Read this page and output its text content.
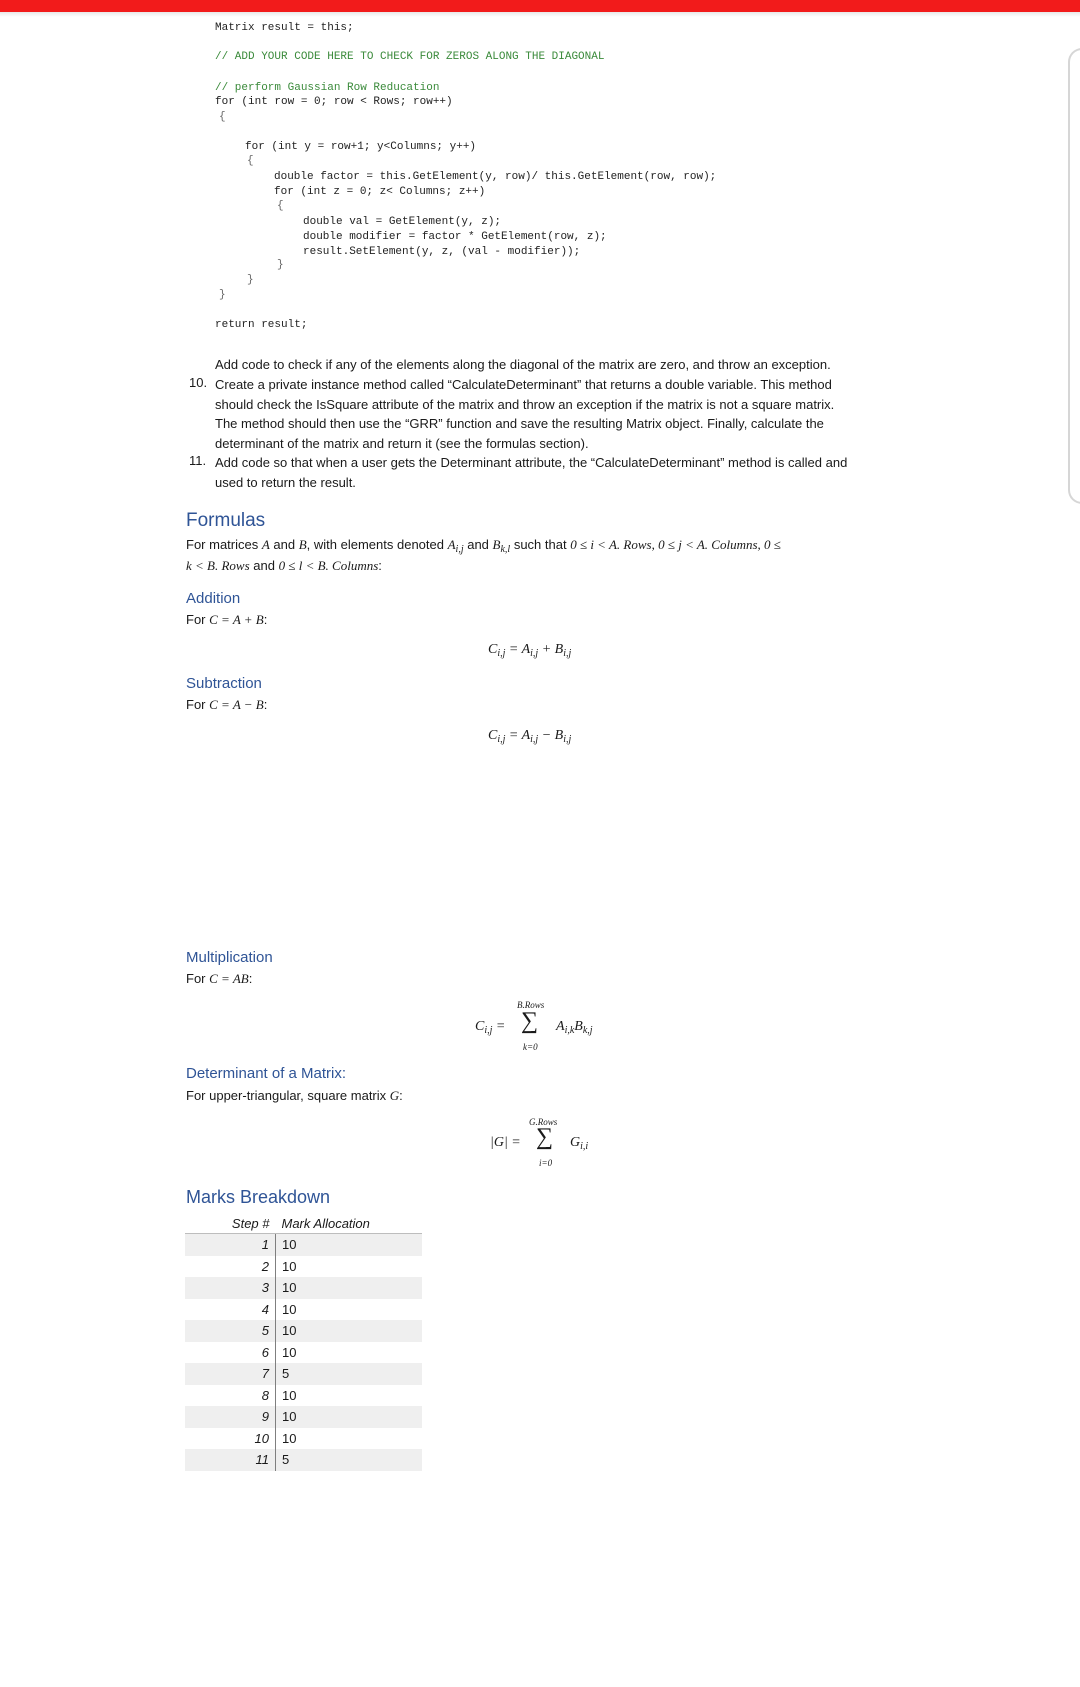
Matrix result = this;
// ADD YOUR CODE HERE TO CHECK FOR ZEROS ALONG THE DIAGONAL
// perform Gaussian Row Reducation
for (int row = 0; row < Rows; row++)
{
for (int y = row+1; y<Columns; y++)
{
double factor = this.GetElement(y, row)/ this.GetElement(row, row);
for (int z = 0; z< Columns; z++)
{
double val = GetElement(y, z);
double modifier = factor * GetElement(row, z);
result.SetElement(y, z, (val - modifier));
}
}
}
return result;
Add code to check if any of the elements along the diagonal of the matrix are zero, and throw an exception.
10. Create a private instance method called “CalculateDeterminant” that returns a double variable. This method
should check the IsSquare attribute of the matrix and throw an exception if the matrix is not a square matrix.
The method should then use the “GRR” function and save the resulting Matrix object. Finally, calculate the
determinant of the matrix and return it (see the formulas section).
11. Add code so that when a user gets the Determinant attribute, the “CalculateDeterminant” method is called and
used to return the result.
Formulas
For matrices A and B, with elements denoted $A_{i,j}$ and $B_{k,l}$ such that 0 ≤ i < A. Rows, 0 ≤ j < A. Columns, 0 ≤
k < B. Rows and 0 ≤ l < B. Columns:
Addition
For C = A + B:
$C_{i,j} = A_{i,j} + B_{i,j}$
Subtraction
For C = A − B:
$C_{i,j} = A_{i,j} - B_{i,j}$
Multiplication
For C = AB:
B.Rows
$C_{i,j}$ = ∑ $A_{i,k}B_{k,j}$
k=0
Determinant of a Matrix:
For upper-triangular, square matrix G:
G.Rows
|G| = ∑ $G_{i,i}$
i=0
Marks Breakdown
Step #	Mark Allocation
1	10
2	10
3	10
4	10
5	10
6	10
7	5
8	10
9	10
10	10
11	5
